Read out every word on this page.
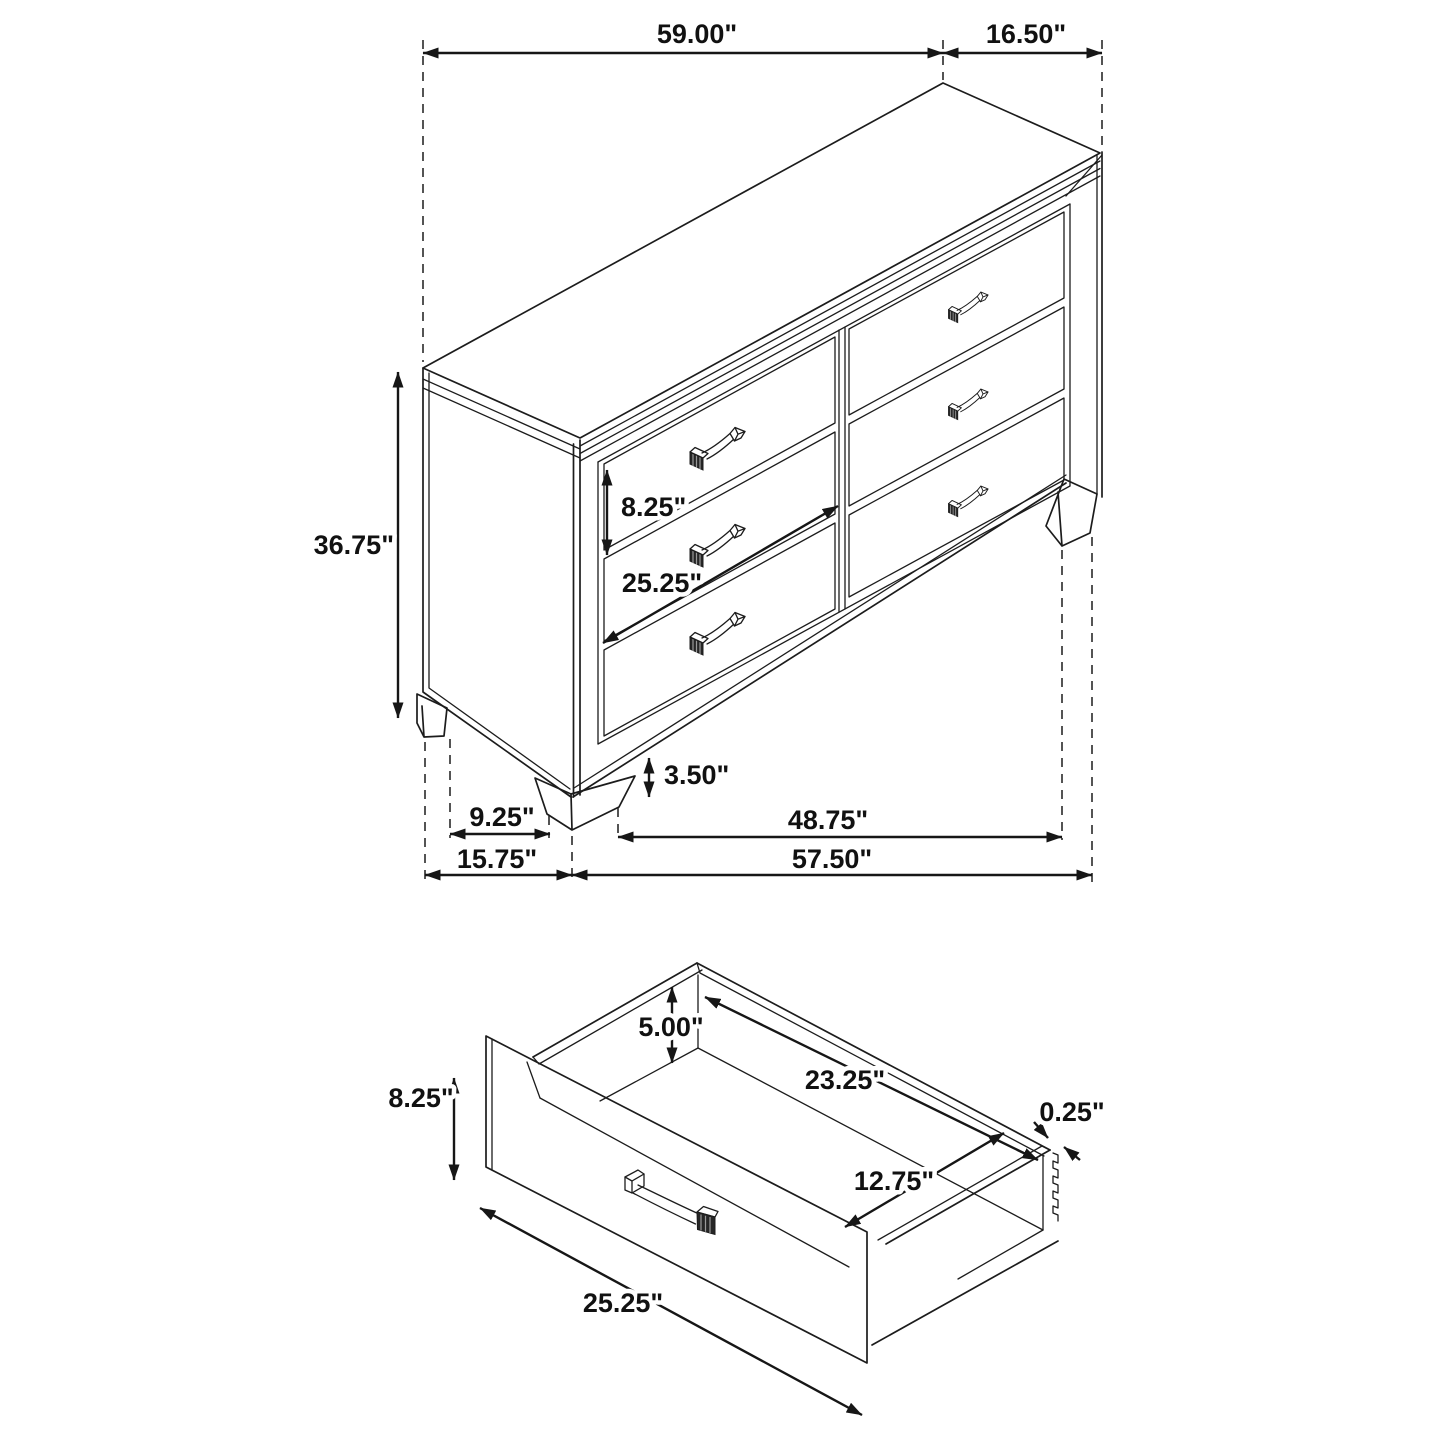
59.00"	16.50"
36.75"
8.25"
25.25"
3.50"
9.25"
15.75"
48.75"
57.50"
8.25"
5.00"
23.25"
0.25"
12.75"
25.25"
